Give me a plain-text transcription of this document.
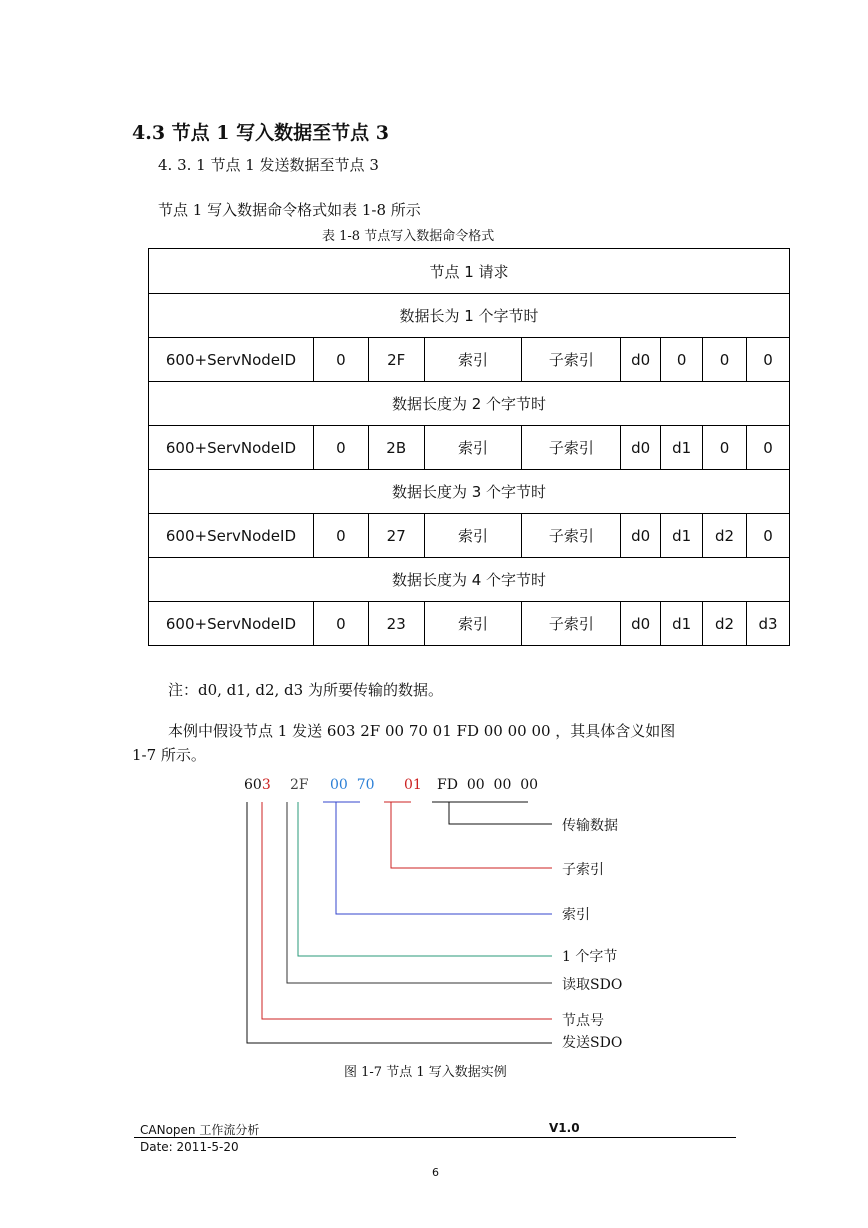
4.3 节点 1 写入数据至节点 3
4. 3. 1 节点 1 发送数据至节点 3
节点 1 写入数据命令格式如表 1-8 所示
表 1-8 节点写入数据命令格式
节点 1 请求								
数据长为 1 个字节时								
600+ServNodeID	0	2F	索引	子索引	d0	0	0	0
数据长度为 2 个字节时								
600+ServNodeID	0	2B	索引	子索引	d0	d1	0	0
数据长度为 3 个字节时								
600+ServNodeID	0	27	索引	子索引	d0	d1	d2	0
数据长度为 4 个字节时								
600+ServNodeID	0	23	索引	子索引	d0	d1	d2	d3
注：d0, d1, d2, d3 为所要传输的数据。
本例中假设节点 1 发送 603 2F 00 70 01 FD 00 00 00 ，其具体含义如图
1-7 所示。
603 2F 00  70 01 FD  00  00  00
传输数据
子索引
索引
1 个字节
读取SDO
节点号
发送SDO
图 1-7 节点 1 写入数据实例
CANopen 工作流分析	V1.0
Date: 2011-5-20
6
